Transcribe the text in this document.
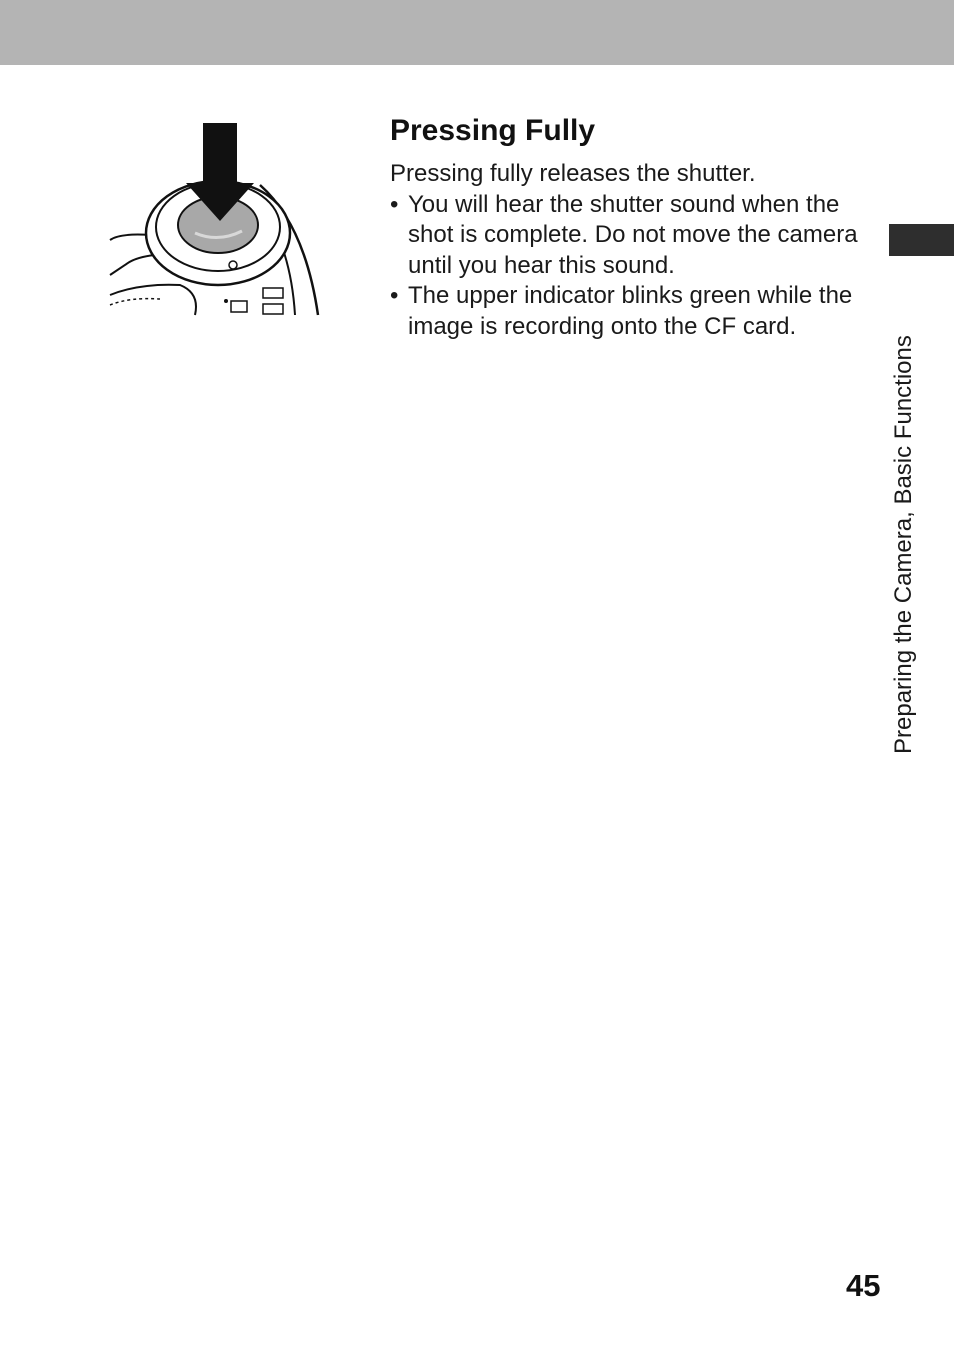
Pressing Fully

Pressing fully releases the shutter.

• You will hear the shutter sound when the shot is complete. Do not move the camera until you hear this sound.
• The upper indicator blinks green while the image is recording onto the CF card.
Preparing the Camera, Basic Functions
45
